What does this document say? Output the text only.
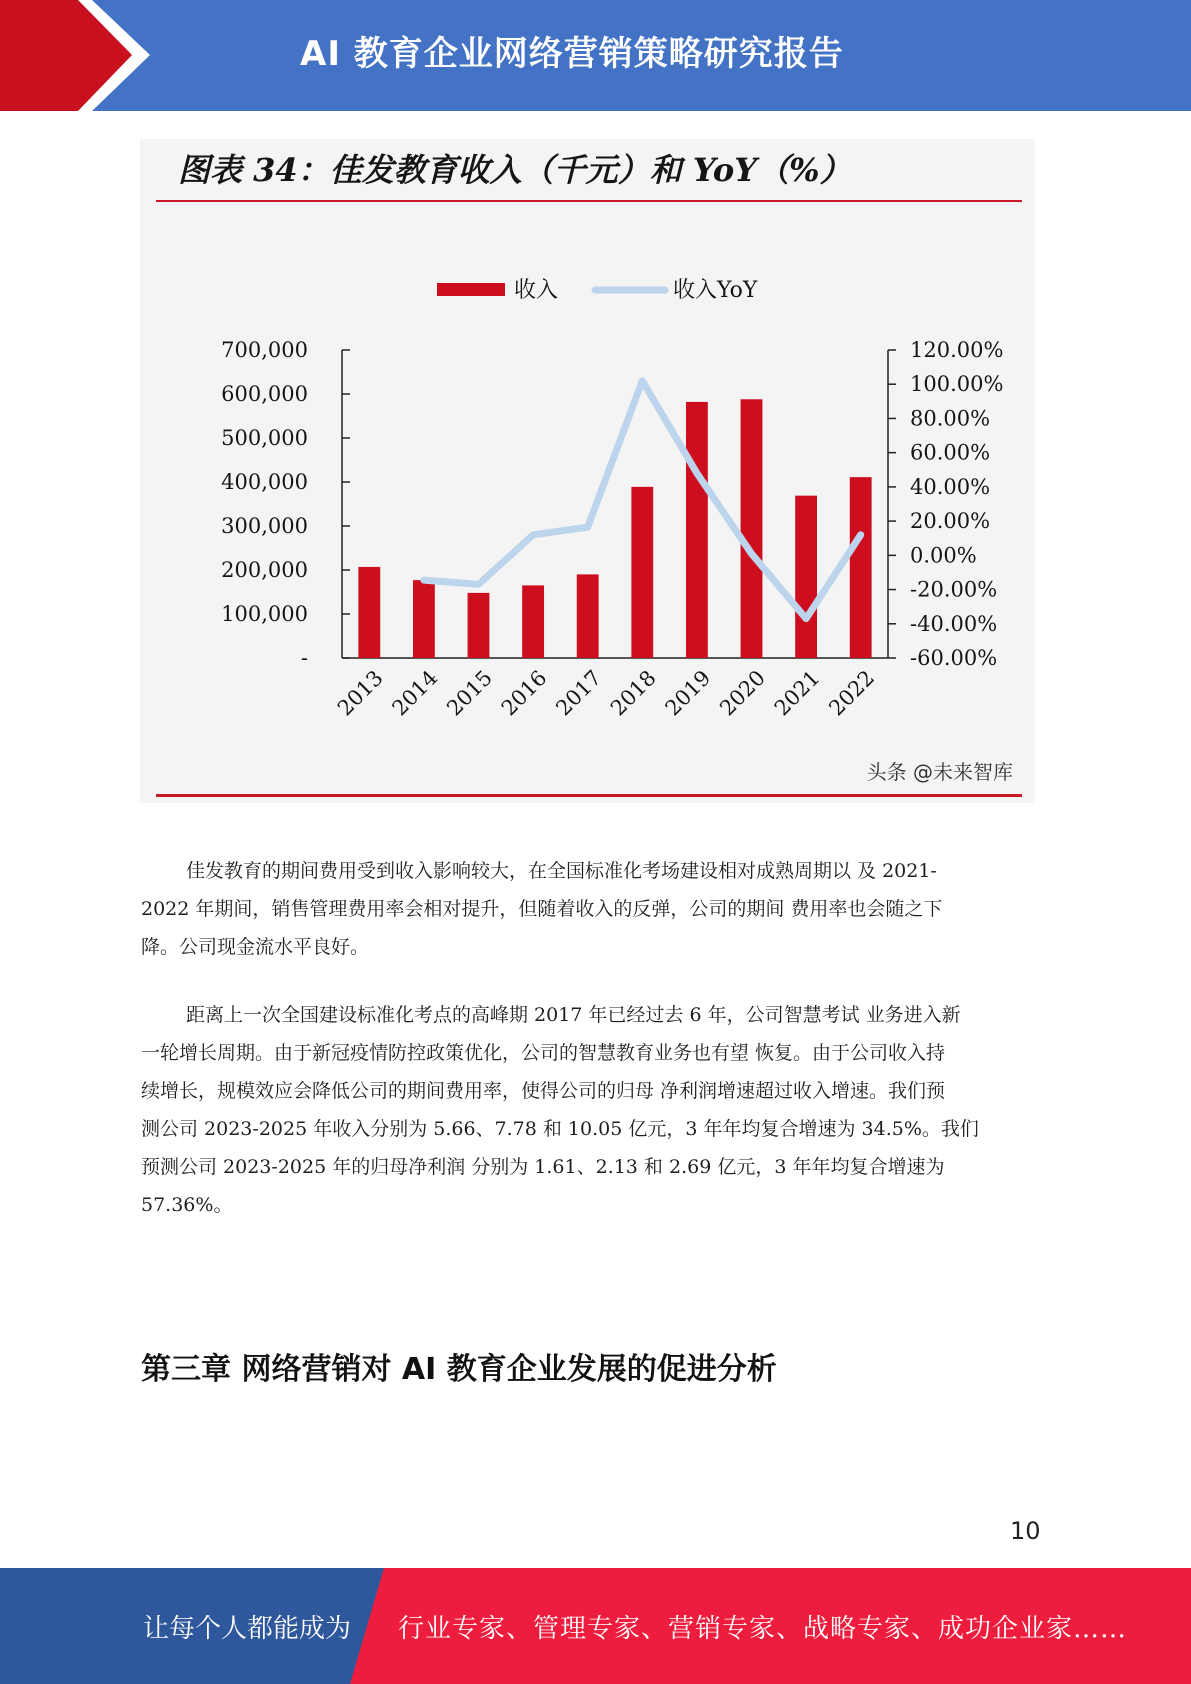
AI 教育企业网络营销策略研究报告
图表 34：佳发教育收入（千元）和 YoY（%）
收入	收入YoY
700,000
600,000
500,000
400,000
300,000
200,000
100,000
-
120.00%
100.00%
80.00%
60.00%
40.00%
20.00%
0.00%
-20.00%
-40.00%
-60.00%
2013 2014 2015 2016 2017 2018 2019 2020 2021 2022
头条 @未来智库

佳发教育的期间费用受到收入影响较大，在全国标准化考场建设相对成熟周期以 及 2021-
2022 年期间，销售管理费用率会相对提升，但随着收入的反弹，公司的期间 费用率也会随之下
降。公司现金流水平良好。

距离上一次全国建设标准化考点的高峰期 2017 年已经过去 6 年，公司智慧考试 业务进入新
一轮增长周期。由于新冠疫情防控政策优化，公司的智慧教育业务也有望 恢复。由于公司收入持
续增长，规模效应会降低公司的期间费用率，使得公司的归母 净利润增速超过收入增速。我们预
测公司 2023-2025 年收入分别为 5.66、7.78 和 10.05 亿元，3 年年均复合增速为 34.5%。我们
预测公司 2023-2025 年的归母净利润 分别为 1.61、2.13 和 2.69 亿元，3 年年均复合增速为
57.36%。

第三章 网络营销对 AI 教育企业发展的促进分析
10
让每个人都能成为 行业专家、管理专家、营销专家、战略专家、成功企业家……
